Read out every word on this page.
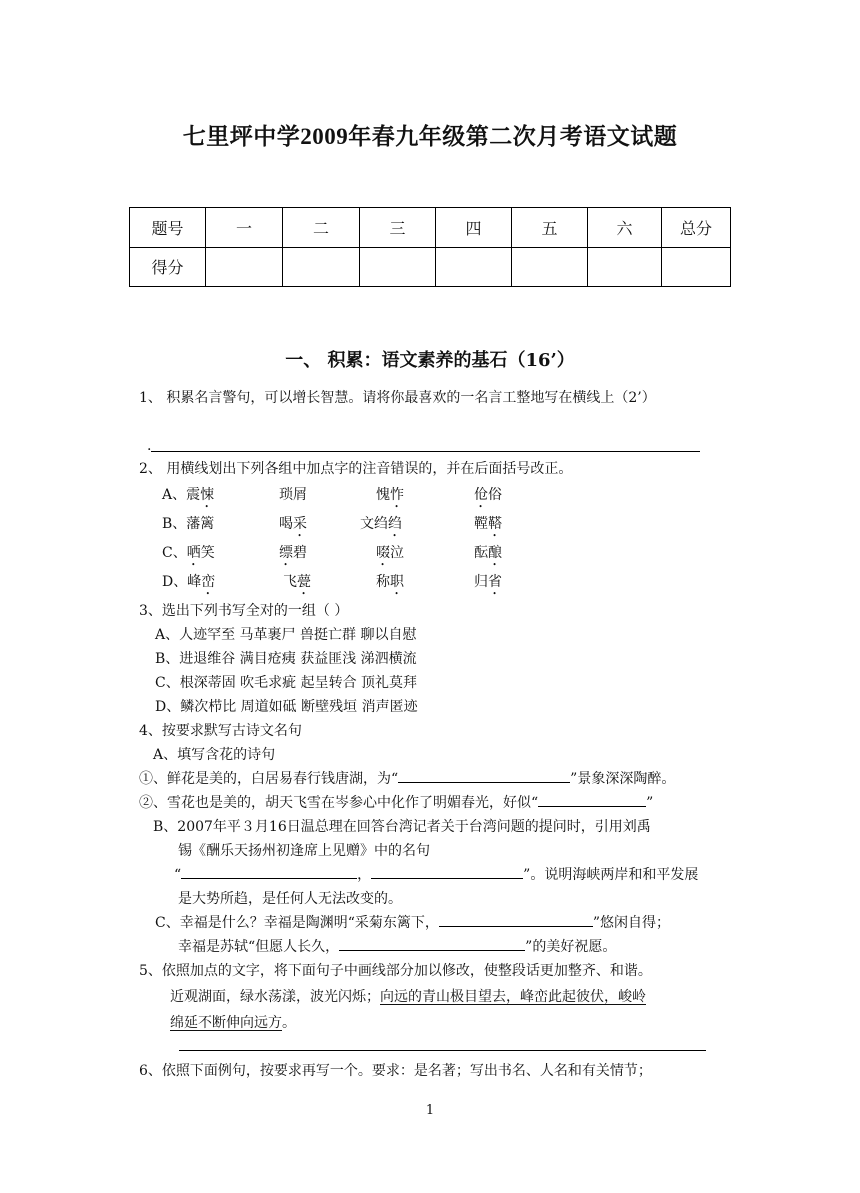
七里坪中学2009年春九年级第二次月考语文试题
题号	一	二	三	四	五	六	总分
得分							
一、 积累：语文素养的基石（16’）
1、 积累名言警句，可以增长智慧。请将你最喜欢的一名言工整地写在横线上（2’）
.
2、 用横线划出下列各组中加点字的注音错误的，并在后面括号改正。
A、震悚	琐屑	愧怍	伧俗
B、藩篱	喝采	文绉绉	鞺鞳
C、哂笑	缥碧	啜泣	酝酿
D、峰峦	飞甍	称职	归省
3、选出下列书写全对的一组（ ）
A、人迹罕至 马革裹尸 兽挺亡群 聊以自慰
B、进退维谷 满目疮痍 获益匪浅 涕泗横流
C、根深蒂固 吹毛求疵 起呈转合 顶礼莫拜
D、鳞次栉比 周道如砥 断壁残垣 消声匿迹
4、按要求默写古诗文名句
A、填写含花的诗句
①、鲜花是美的，白居易春行钱唐湖，为“	”景象深深陶醉。
②、雪花也是美的，胡天飞雪在岑参心中化作了明媚春光，好似“	”
B、2007年平３月16日温总理在回答台湾记者关于台湾问题的提问时，引用刘禹
锡《酬乐天扬州初逢席上见赠》中的名句
“	，	”。说明海峡两岸和和平发展
是大势所趋，是任何人无法改变的。
C、幸福是什么？幸福是陶渊明“采菊东篱下，	”悠闲自得；
幸福是苏轼“但愿人长久，	”的美好祝愿。
5、依照加点的文字，将下面句子中画线部分加以修改，使整段话更加整齐、和谐。
近观湖面，绿水荡漾，波光闪烁；向远的青山极目望去，峰峦此起彼伏，峻岭
绵延不断伸向远方。
6、依照下面例句，按要求再写一个。要求：是名著；写出书名、人名和有关情节；
1
